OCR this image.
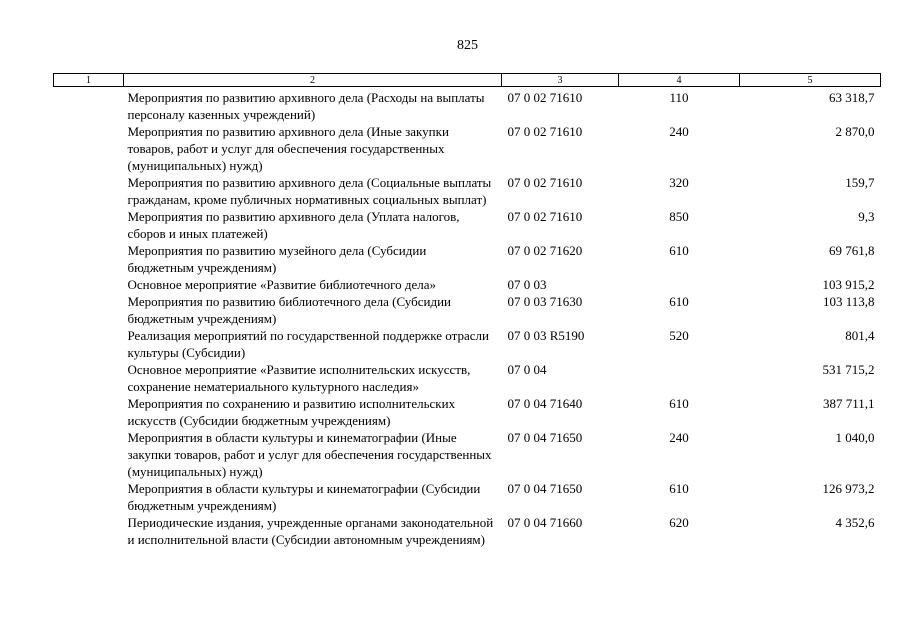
825
1	2	3	4	5
	Мероприятия по развитию архивного дела (Расходы на выплаты персоналу казенных учреждений)	07 0 02 71610	110	63 318,7
	Мероприятия по развитию архивного дела (Иные закупки товаров, работ и услуг для обеспечения государственных (муниципальных) нужд)	07 0 02 71610	240	2 870,0
	Мероприятия по развитию архивного дела (Социальные выплаты гражданам, кроме публичных нормативных социальных выплат)	07 0 02 71610	320	159,7
	Мероприятия по развитию архивного дела (Уплата налогов, сборов и иных платежей)	07 0 02 71610	850	9,3
	Мероприятия по развитию музейного дела (Субсидии бюджетным учреждениям)	07 0 02 71620	610	69 761,8
	Основное мероприятие «Развитие библиотечного дела»	07 0 03		103 915,2
	Мероприятия по развитию библиотечного дела (Субсидии бюджетным учреждениям)	07 0 03 71630	610	103 113,8
	Реализация мероприятий по государственной поддержке отрасли культуры (Субсидии)	07 0 03 R5190	520	801,4
	Основное мероприятие «Развитие исполнительских искусств, сохранение нематериального культурного наследия»	07 0 04		531 715,2
	Мероприятия по сохранению и развитию исполнительских искусств (Субсидии бюджетным учреждениям)	07 0 04 71640	610	387 711,1
	Мероприятия в области культуры и кинематографии (Иные закупки товаров, работ и услуг для обеспечения государственных (муниципальных) нужд)	07 0 04 71650	240	1 040,0
	Мероприятия в области культуры и кинематографии (Субсидии бюджетным учреждениям)	07 0 04 71650	610	126 973,2
	Периодические издания, учрежденные органами законодательной и исполнительной власти (Субсидии автономным учреждениям)	07 0 04 71660	620	4 352,6
